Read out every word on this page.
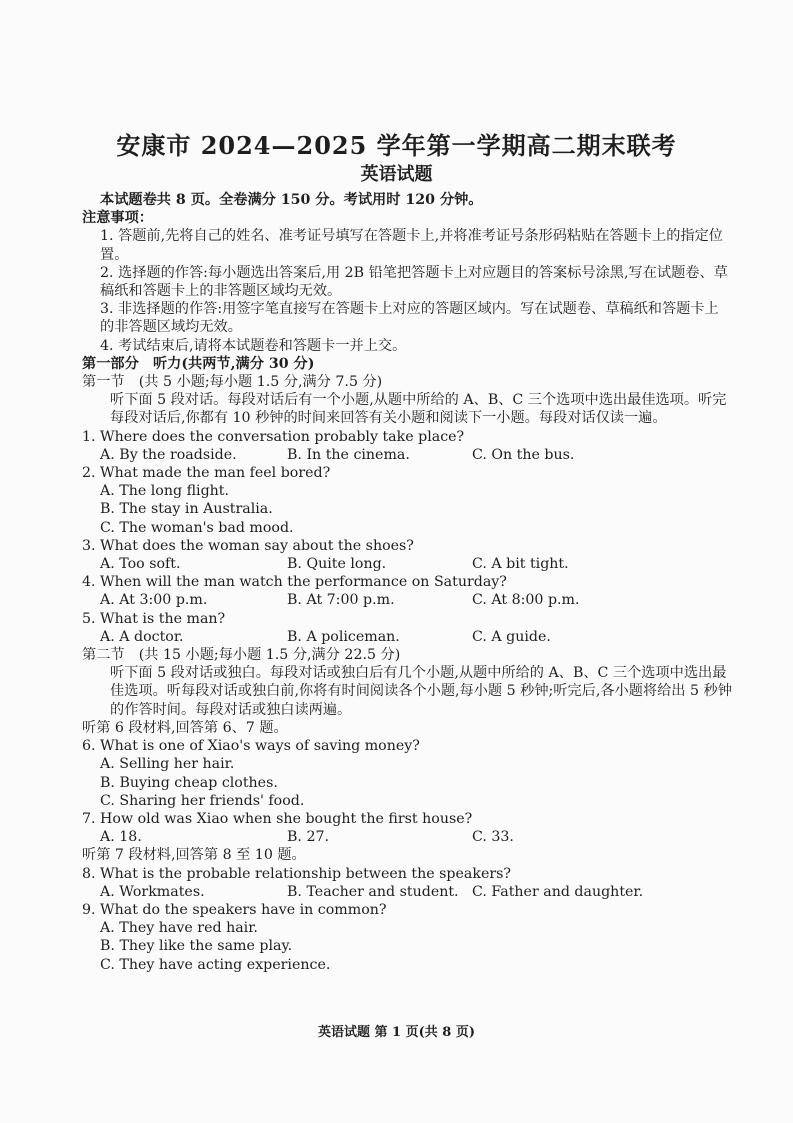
安康市 2024—2025 学年第一学期高二期末联考
英语试题

本试题卷共 8 页。全卷满分 150 分。考试用时 120 分钟。

注意事项：

1. 答题前,先将自己的姓名、准考证号填写在答题卡上,并将准考证号条形码粘贴在答题卡上的指定位置。

2. 选择题的作答:每小题选出答案后,用 2B 铅笔把答题卡上对应题目的答案标号涂黑,写在试题卷、草稿纸和答题卡上的非答题区域均无效。

3. 非选择题的作答:用签字笔直接写在答题卡上对应的答题区域内。写在试题卷、草稿纸和答题卡上的非答题区域均无效。

4. 考试结束后,请将本试题卷和答题卡一并上交。

第一部分　听力(共两节,满分 30 分)

第一节　(共 5 小题;每小题 1.5 分,满分 7.5 分)

听下面 5 段对话。每段对话后有一个小题,从题中所给的 A、B、C 三个选项中选出最佳选项。听完每段对话后,你都有 10 秒钟的时间来回答有关小题和阅读下一小题。每段对话仅读一遍。

1. Where does the conversation probably take place?

A. By the roadside.	B. In the cinema.	C. On the bus.

2. What made the man feel bored?

A. The long flight.

B. The stay in Australia.

C. The woman's bad mood.

3. What does the woman say about the shoes?

A. Too soft.	B. Quite long.	C. A bit tight.

4. When will the man watch the performance on Saturday?

A. At 3:00 p.m.	B. At 7:00 p.m.	C. At 8:00 p.m.

5. What is the man?

A. A doctor.	B. A policeman.	C. A guide.

第二节　(共 15 小题;每小题 1.5 分,满分 22.5 分)

听下面 5 段对话或独白。每段对话或独白后有几个小题,从题中所给的 A、B、C 三个选项中选出最佳选项。听每段对话或独白前,你将有时间阅读各个小题,每小题 5 秒钟;听完后,各小题将给出 5 秒钟的作答时间。每段对话或独白读两遍。

听第 6 段材料,回答第 6、7 题。

6. What is one of Xiao's ways of saving money?

A. Selling her hair.

B. Buying cheap clothes.

C. Sharing her friends' food.

7. How old was Xiao when she bought the first house?

A. 18.	B. 27.	C. 33.

听第 7 段材料,回答第 8 至 10 题。

8. What is the probable relationship between the speakers?

A. Workmates.	B. Teacher and student. C. Father and daughter.

9. What do the speakers have in common?

A. They have red hair.

B. They like the same play.

C. They have acting experience.

英语试题 第 1 页(共 8 页)
